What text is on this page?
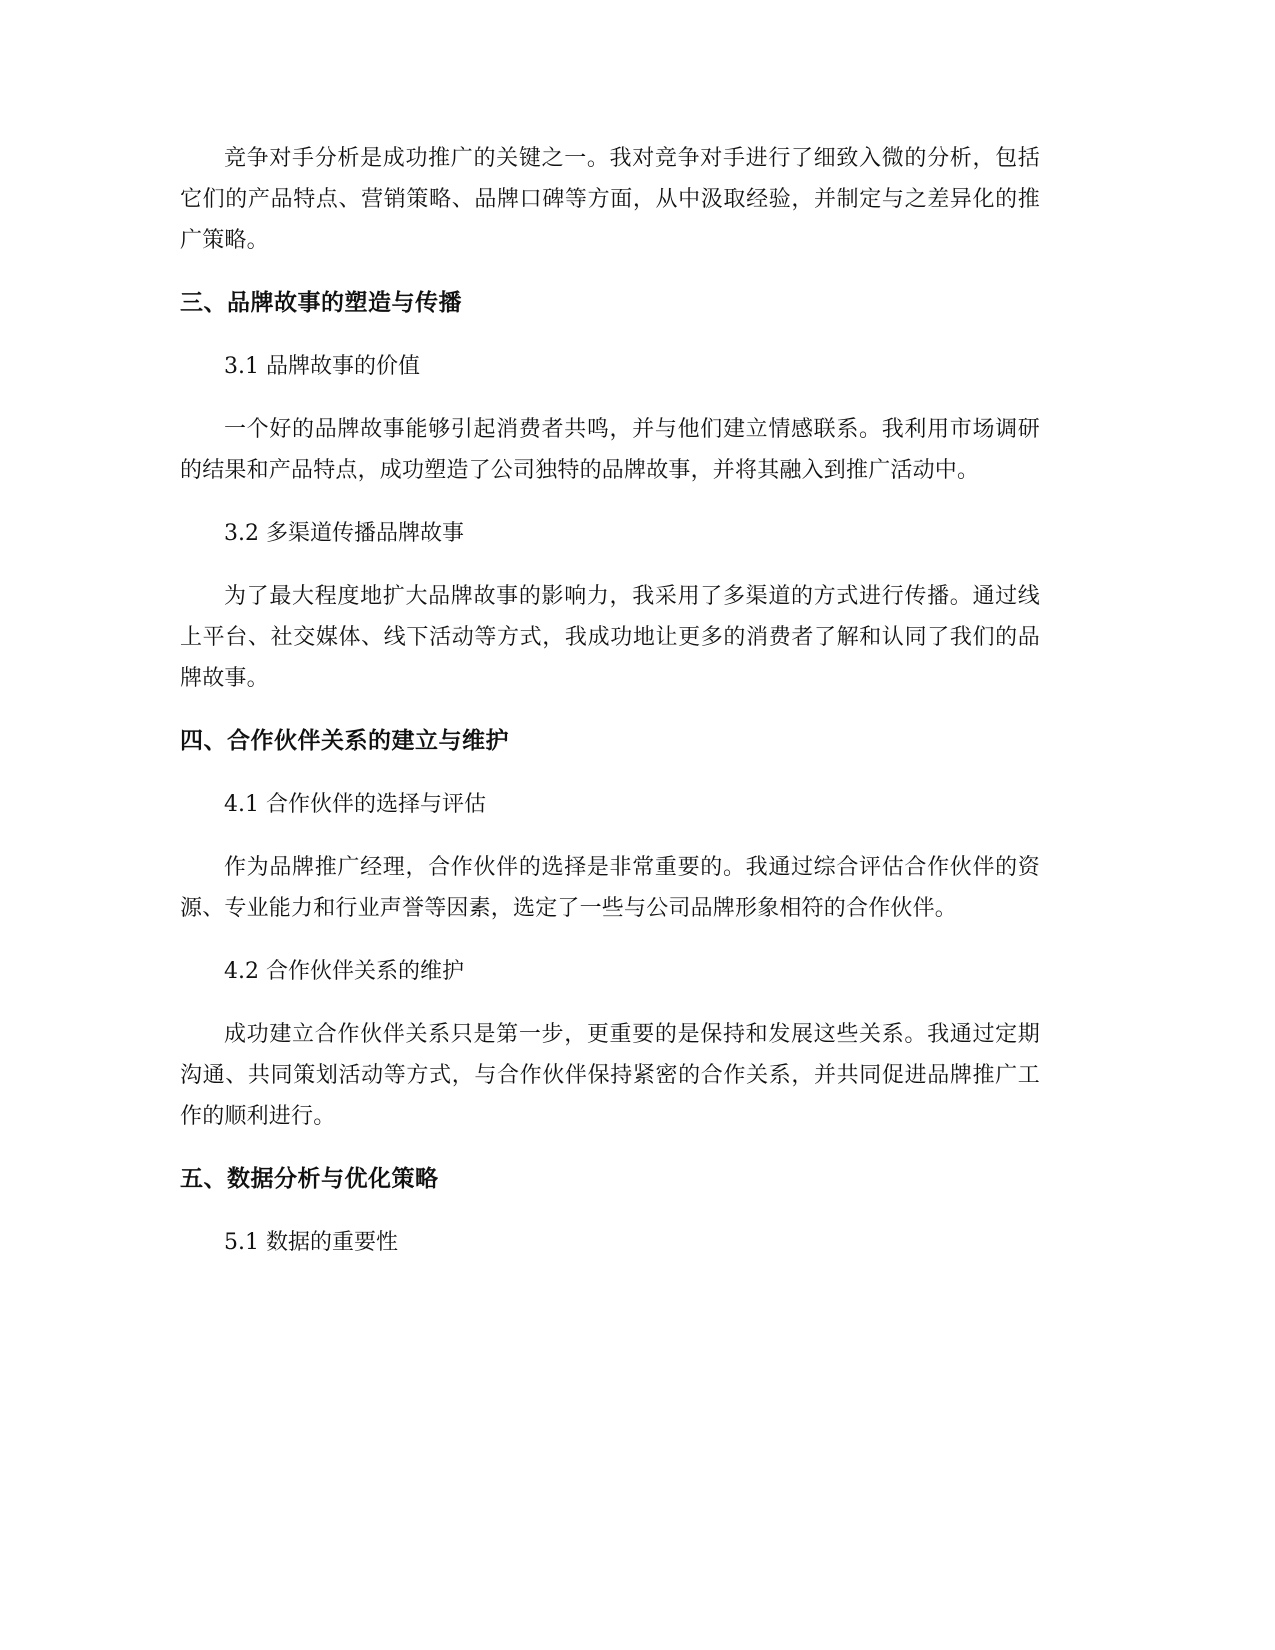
竞争对手分析是成功推广的关键之一。我对竞争对手进行了细致入微的分析，包括它们的产品特点、营销策略、品牌口碑等方面，从中汲取经验，并制定与之差异化的推广策略。

三、品牌故事的塑造与传播
3.1 品牌故事的价值

一个好的品牌故事能够引起消费者共鸣，并与他们建立情感联系。我利用市场调研的结果和产品特点，成功塑造了公司独特的品牌故事，并将其融入到推广活动中。

3.2 多渠道传播品牌故事

为了最大程度地扩大品牌故事的影响力，我采用了多渠道的方式进行传播。通过线上平台、社交媒体、线下活动等方式，我成功地让更多的消费者了解和认同了我们的品牌故事。

四、合作伙伴关系的建立与维护
4.1 合作伙伴的选择与评估

作为品牌推广经理，合作伙伴的选择是非常重要的。我通过综合评估合作伙伴的资源、专业能力和行业声誉等因素，选定了一些与公司品牌形象相符的合作伙伴。

4.2 合作伙伴关系的维护

成功建立合作伙伴关系只是第一步，更重要的是保持和发展这些关系。我通过定期沟通、共同策划活动等方式，与合作伙伴保持紧密的合作关系，并共同促进品牌推广工作的顺利进行。

五、数据分析与优化策略
5.1 数据的重要性
